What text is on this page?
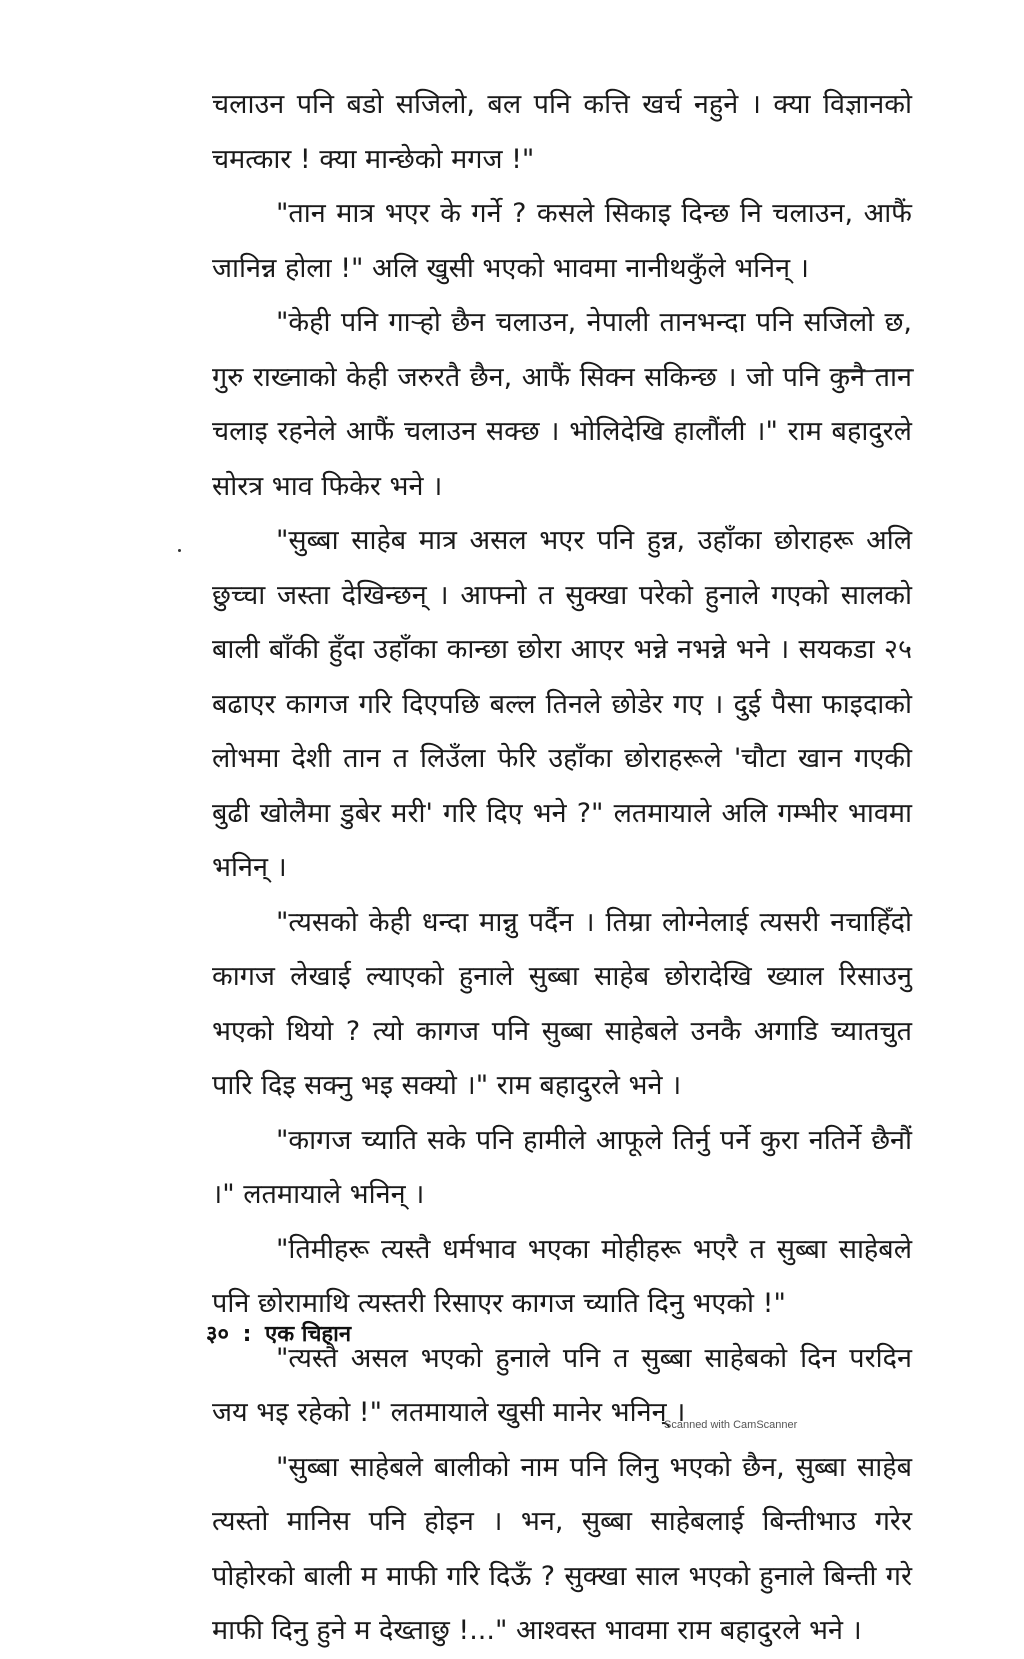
चलाउन पनि बडो सजिलो, बल पनि कत्ति खर्च नहुने । क्या विज्ञानको चमत्कार ! क्या मान्छेको मगज !"

"तान मात्र भएर के गर्ने ? कसले सिकाइ दिन्छ नि चलाउन, आफैं जानिन्न होला !" अलि खुसी भएको भावमा नानीथकुँले भनिन् ।

"केही पनि गाऱ्हो छैन चलाउन, नेपाली तानभन्दा पनि सजिलो छ, गुरु राख्नाको केही जरुरतै छैन, आफैं सिक्न सकिन्छ । जो पनि कुनै तान चलाइ रहनेले आफैं चलाउन सक्छ । भोलिदेखि हालौंली ।" राम बहादुरले सोरत्र भाव फिकेर भने ।

"सुब्बा साहेब मात्र असल भएर पनि हुन्न, उहाँका छोराहरू अलि छुच्चा जस्ता देखिन्छन् । आफ्नो त सुक्खा परेको हुनाले गएको सालको बाली बाँकी हुँदा उहाँका कान्छा छोरा आएर भन्ने नभन्ने भने । सयकडा २५ बढाएर कागज गरि दिएपछि बल्ल तिनले छोडेर गए । दुई पैसा फाइदाको लोभमा देशी तान त लिउँला फेरि उहाँका छोराहरूले 'चौटा खान गएकी बुढी खोलैमा डुबेर मरी' गरि दिए भने ?" लतमायाले अलि गम्भीर भावमा भनिन् ।

"त्यसको केही धन्दा मान्नु पर्दैन । तिम्रा लोग्नेलाई त्यसरी नचाहिँदो कागज लेखाई ल्याएको हुनाले सुब्बा साहेब छोरादेखि ख्याल रिसाउनु भएको थियो ? त्यो कागज पनि सुब्बा साहेबले उनकै अगाडि च्यातचुत पारि दिइ सक्नु भइ सक्यो ।" राम बहादुरले भने ।

"कागज च्याति सके पनि हामीले आफूले तिर्नु पर्ने कुरा नतिर्ने छैनौं ।" लतमायाले भनिन् ।

"तिमीहरू त्यस्तै धर्मभाव भएका मोहीहरू भएरै त सुब्बा साहेबले पनि छोरामाथि त्यस्तरी रिसाएर कागज च्याति दिनु भएको !"

"त्यस्तै असल भएको हुनाले पनि त सुब्बा साहेबको दिन परदिन जय भइ रहेको !" लतमायाले खुसी मानेर भनिन् ।

"सुब्बा साहेबले बालीको नाम पनि लिनु भएको छैन, सुब्बा साहेब त्यस्तो मानिस पनि होइन । भन, सुब्बा साहेबलाई बिन्तीभाउ गरेर पोहोरको बाली म माफी गरि दिऊँ ? सुक्खा साल भएको हुनाले बिन्ती गरे माफी दिनु हुने म देख्ताछु !..." आश्वस्त भावमा राम बहादुरले भने ।

३० : एक चिहान
Scanned with CamScanner
